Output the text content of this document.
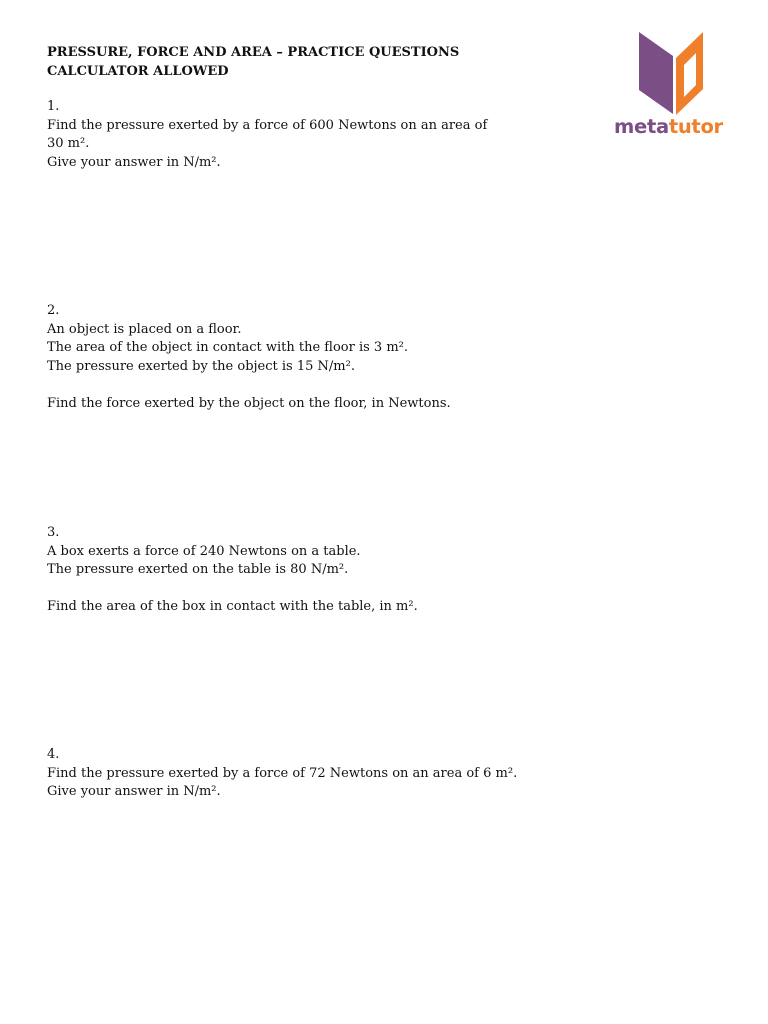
PRESSURE, FORCE AND AREA – PRACTICE QUESTIONS
CALCULATOR ALLOWED
metatutor
1.
Find the pressure exerted by a force of 600 Newtons on an area of
30 m².
Give your answer in N/m².
2.
An object is placed on a floor.
The area of the object in contact with the floor is 3 m².
The pressure exerted by the object is 15 N/m².
Find the force exerted by the object on the floor, in Newtons.
3.
A box exerts a force of 240 Newtons on a table.
The pressure exerted on the table is 80 N/m².
Find the area of the box in contact with the table, in m².
4.
Find the pressure exerted by a force of 72 Newtons on an area of 6 m².
Give your answer in N/m².
